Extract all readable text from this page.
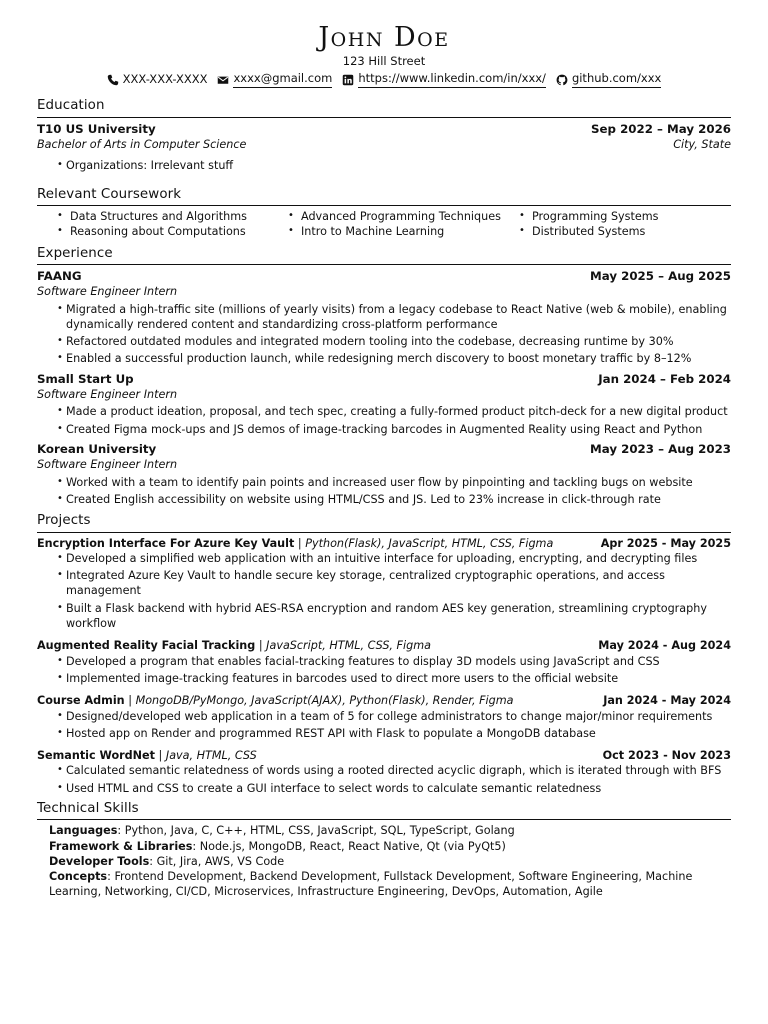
John Doe
123 Hill Street
XXX-XXX-XXXX xxxx@gmail.com https://www.linkedin.com/in/xxx/ github.com/xxx
Education
T10 US University	Sep 2022 – May 2026
Bachelor of Arts in Computer Science	City, State
• Organizations: Irrelevant stuff
Relevant Coursework
• Data Structures and Algorithms	• Advanced Programming Techniques	• Programming Systems
• Reasoning about Computations	• Intro to Machine Learning	• Distributed Systems
Experience
FAANG	May 2025 – Aug 2025
Software Engineer Intern
• Migrated a high-traffic site (millions of yearly visits) from a legacy codebase to React Native (web & mobile), enabling dynamically rendered content and standardizing cross-platform performance
• Refactored outdated modules and integrated modern tooling into the codebase, decreasing runtime by 30%
• Enabled a successful production launch, while redesigning merch discovery to boost monetary traffic by 8–12%
Small Start Up	Jan 2024 – Feb 2024
Software Engineer Intern
• Made a product ideation, proposal, and tech spec, creating a fully-formed product pitch-deck for a new digital product
• Created Figma mock-ups and JS demos of image-tracking barcodes in Augmented Reality using React and Python
Korean University	May 2023 – Aug 2023
Software Engineer Intern
• Worked with a team to identify pain points and increased user flow by pinpointing and tackling bugs on website
• Created English accessibility on website using HTML/CSS and JS. Led to 23% increase in click-through rate
Projects
Encryption Interface For Azure Key Vault | Python(Flask), JavaScript, HTML, CSS, Figma	Apr 2025 - May 2025
• Developed a simplified web application with an intuitive interface for uploading, encrypting, and decrypting files
• Integrated Azure Key Vault to handle secure key storage, centralized cryptographic operations, and access management
• Built a Flask backend with hybrid AES-RSA encryption and random AES key generation, streamlining cryptography workflow
Augmented Reality Facial Tracking | JavaScript, HTML, CSS, Figma	May 2024 - Aug 2024
• Developed a program that enables facial-tracking features to display 3D models using JavaScript and CSS
• Implemented image-tracking features in barcodes used to direct more users to the official website
Course Admin | MongoDB/PyMongo, JavaScript(AJAX), Python(Flask), Render, Figma	Jan 2024 - May 2024
• Designed/developed web application in a team of 5 for college administrators to change major/minor requirements
• Hosted app on Render and programmed REST API with Flask to populate a MongoDB database
Semantic WordNet | Java, HTML, CSS	Oct 2023 - Nov 2023
• Calculated semantic relatedness of words using a rooted directed acyclic digraph, which is iterated through with BFS
• Used HTML and CSS to create a GUI interface to select words to calculate semantic relatedness
Technical Skills
Languages: Python, Java, C, C++, HTML, CSS, JavaScript, SQL, TypeScript, Golang
Framework & Libraries: Node.js, MongoDB, React, React Native, Qt (via PyQt5)
Developer Tools: Git, Jira, AWS, VS Code
Concepts: Frontend Development, Backend Development, Fullstack Development, Software Engineering, Machine Learning, Networking, CI/CD, Microservices, Infrastructure Engineering, DevOps, Automation, Agile
